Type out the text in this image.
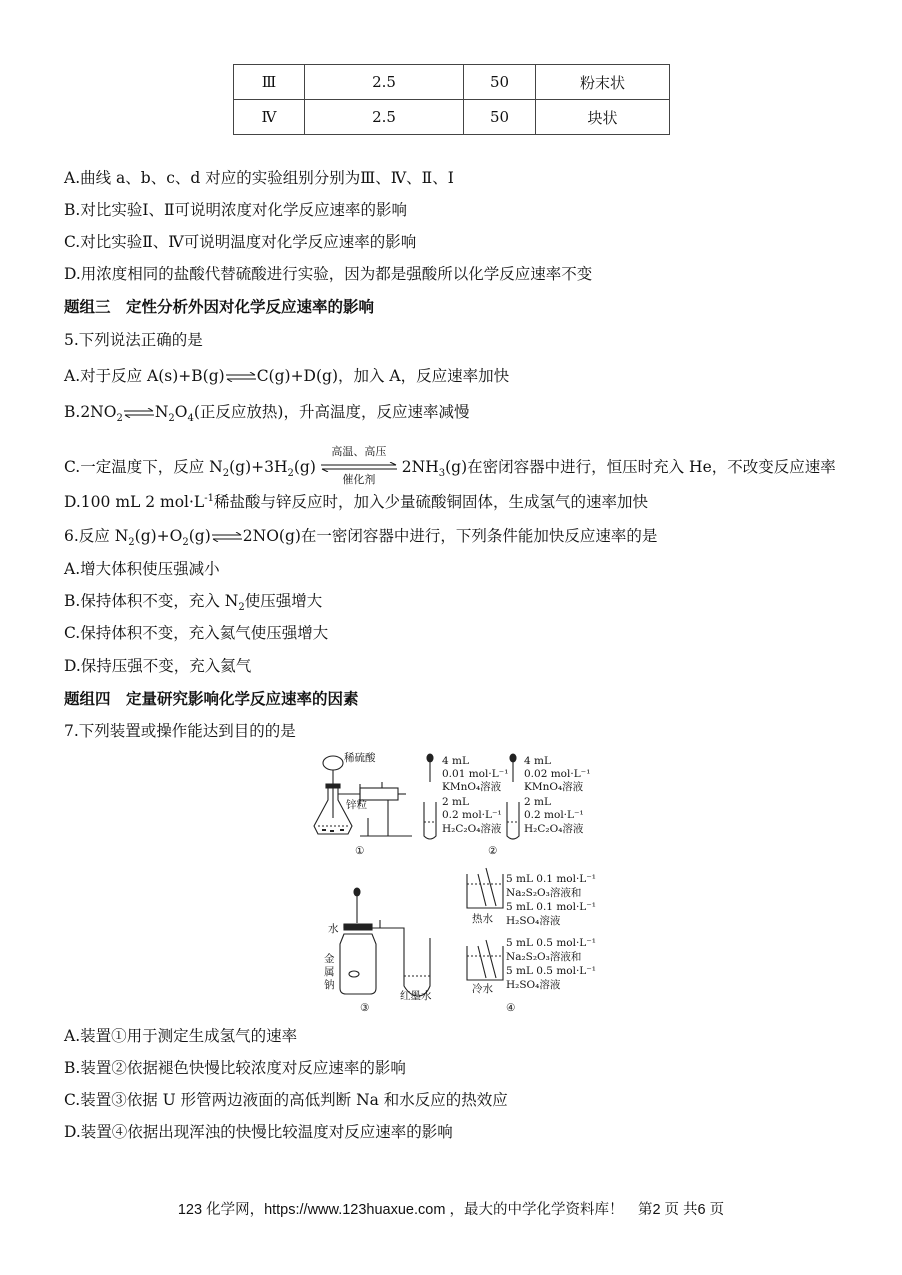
Ⅲ	2.5	50	粉末状
Ⅳ	2.5	50	块状
A.曲线 a、b、c、d 对应的实验组别分别为Ⅲ、Ⅳ、Ⅱ、Ⅰ
B.对比实验Ⅰ、Ⅱ可说明浓度对化学反应速率的影响
C.对比实验Ⅱ、Ⅳ可说明温度对化学反应速率的影响
D.用浓度相同的盐酸代替硫酸进行实验，因为都是强酸所以化学反应速率不变
题组三　定性分析外因对化学反应速率的影响
5.下列说法正确的是
A.对于反应 A(s)+B(g)⇌C(g)+D(g)，加入 A，反应速率加快
$B.2NO_2$ $\rightleftharpoons N_2O_4$(正反应放热)，升高温度，反应速率减慢
C.一定温度下，反应 $N_2(g)+3H_2(g)$
高温、高压
催化剂
$2NH_3(g)$在密闭容器中进行，恒压时充入 He，不改变反应速率
D.100 mL 2 $mol\cdot L^{-1}$稀盐酸与锌反应时，加入少量硫酸铜固体，生成氢气的速率加快
6.反应 $N_2(g)+O_2(g)\rightleftharpoons 2NO(g)$在一密闭容器中进行，下列条件能加快反应速率的是
A.增大体积使压强减小
B.保持体积不变，充入 $N_2$使压强增大
C.保持体积不变，充入氦气使压强增大
D.保持压强不变，充入氦气
题组四　定量研究影响化学反应速率的因素
7.下列装置或操作能达到目的的是
稀硫酸
锌粒
①
4 mL
0.01 mol·L⁻¹
KMnO₄溶液
2 mL
0.2 mol·L⁻¹
H₂C₂O₄溶液
4 mL
0.02 mol·L⁻¹
KMnO₄溶液
2 mL
0.2 mol·L⁻¹
H₂C₂O₄溶液
②
水
金
属
钠
红墨水
③
5 mL 0.1 mol·L⁻¹
Na₂S₂O₃溶液和
5 mL 0.1 mol·L⁻¹
H₂SO₄溶液
热水
5 mL 0.5 mol·L⁻¹
Na₂S₂O₃溶液和
5 mL 0.5 mol·L⁻¹
H₂SO₄溶液
冷水
④
A.装置①用于测定生成氢气的速率
B.装置②依据褪色快慢比较浓度对反应速率的影响
C.装置③依据 U 形管两边液面的高低判断 Na 和水反应的热效应
D.装置④依据出现浑浊的快慢比较温度对反应速率的影响
123 化学网，https://www.123huaxue.com ，最大的中学化学资料库！　第2 页 共6 页
